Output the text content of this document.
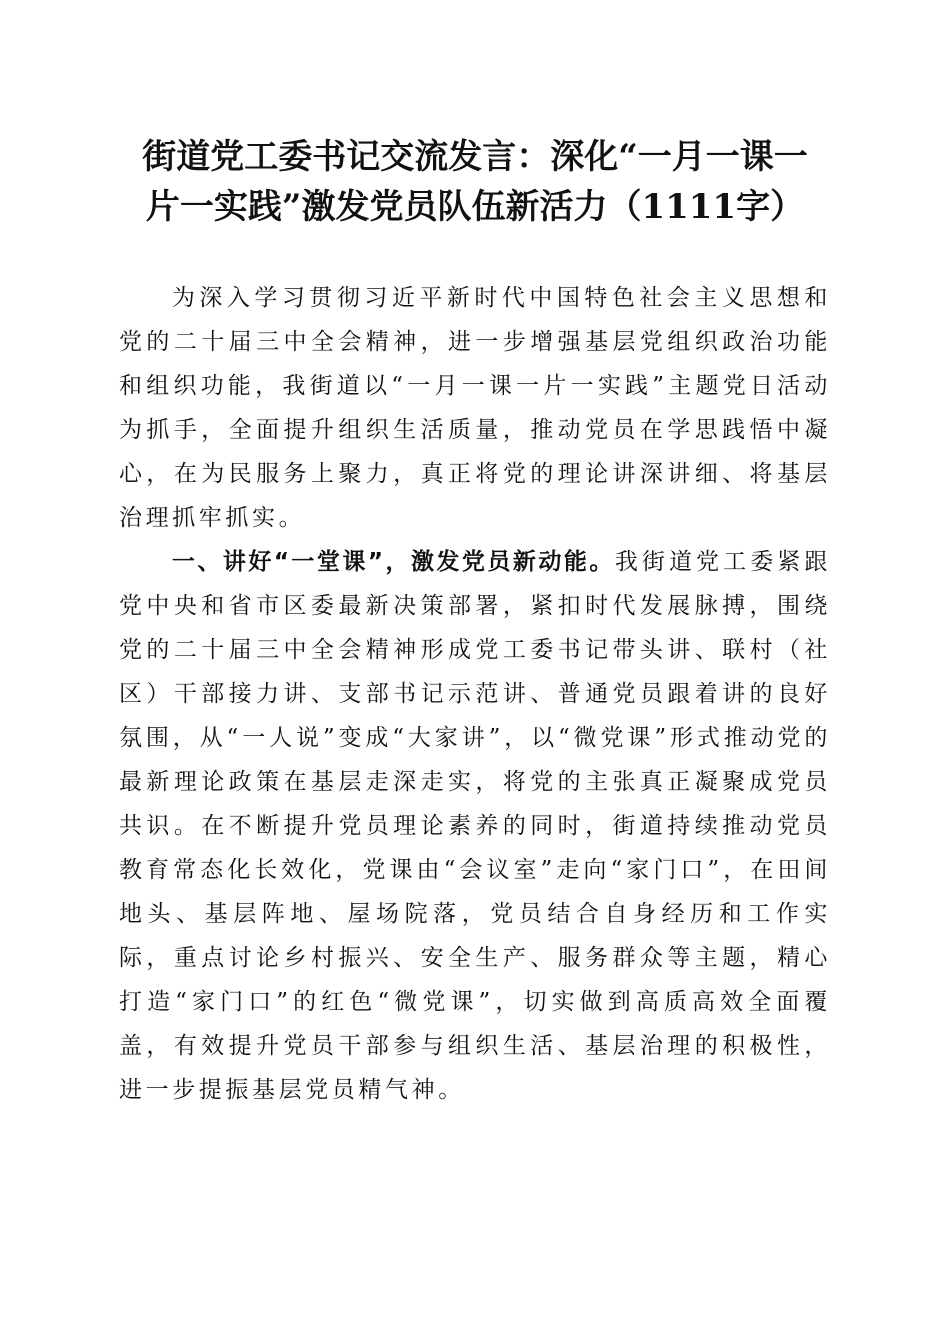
街道党工委书记交流发言：深化“一月一课一
片一实践”激发党员队伍新活力（1111字）

为深入学习贯彻习近平新时代中国特色社会主义思想和党的二十届三中全会精神，进一步增强基层党组织政治功能和组织功能，我街道以“一月一课一片一实践”主题党日活动为抓手，全面提升组织生活质量，推动党员在学思践悟中凝心，在为民服务上聚力，真正将党的理论讲深讲细、将基层治理抓牢抓实。

一、讲好“一堂课”，激发党员新动能。我街道党工委紧跟党中央和省市区委最新决策部署，紧扣时代发展脉搏，围绕党的二十届三中全会精神形成党工委书记带头讲、联村（社区）干部接力讲、支部书记示范讲、普通党员跟着讲的良好氛围，从“一人说”变成“大家讲”，以“微党课”形式推动党的最新理论政策在基层走深走实，将党的主张真正凝聚成党员共识。在不断提升党员理论素养的同时，街道持续推动党员教育常态化长效化，党课由“会议室”走向“家门口”，在田间地头、基层阵地、屋场院落，党员结合自身经历和工作实际，重点讨论乡村振兴、安全生产、服务群众等主题，精心打造“家门口”的红色“微党课”，切实做到高质高效全面覆盖，有效提升党员干部参与组织生活、基层治理的积极性，进一步提振基层党员精气神。
